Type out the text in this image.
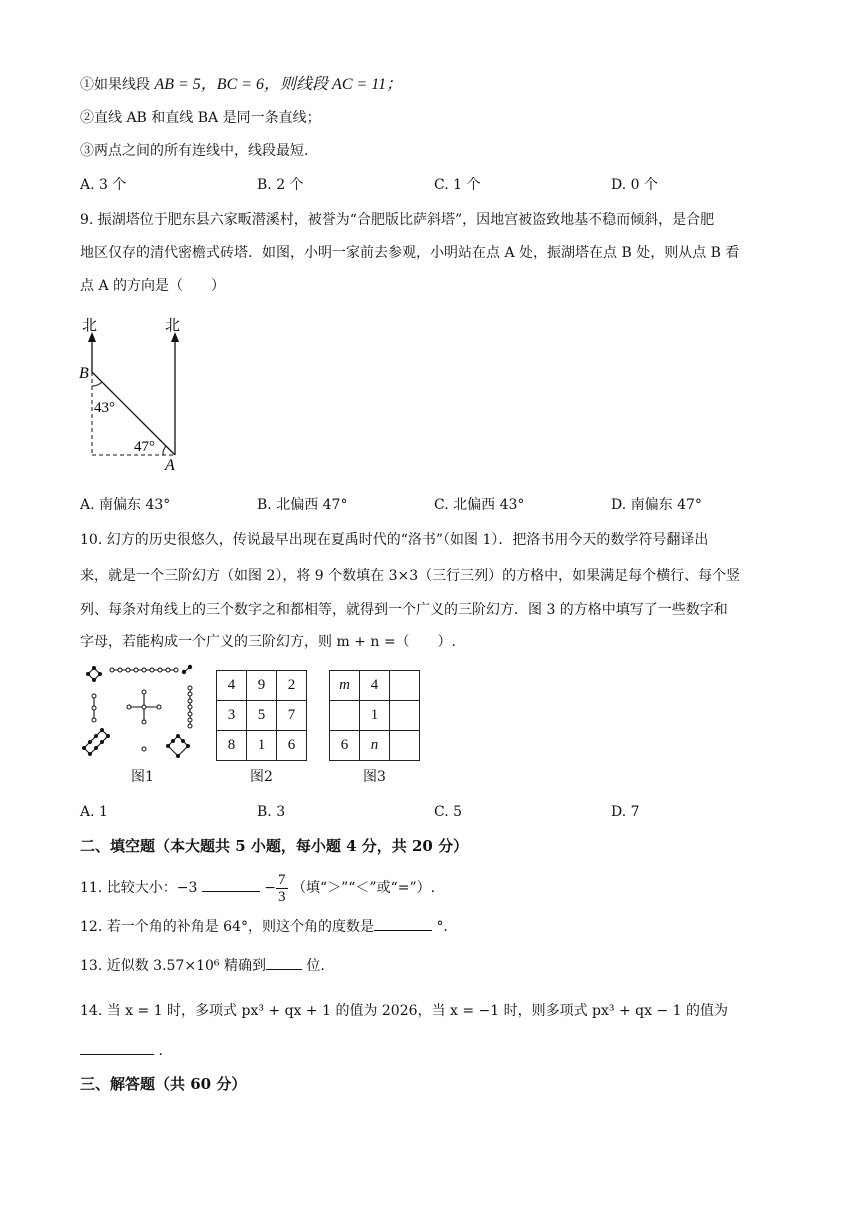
①如果线段 AB = 5，BC = 6，则线段 AC = 11；
②直线 AB 和直线 BA 是同一条直线；
③两点之间的所有连线中，线段最短.
A. 3 个	B. 2 个	C. 1 个	D. 0 个
9. 振湖塔位于肥东县六家畈潜溪村，被誉为“合肥版比萨斜塔”，因地宫被盗致地基不稳而倾斜，是合肥
地区仅存的清代密檐式砖塔．如图，小明一家前去参观，小明站在点 A 处，振湖塔在点 B 处，则从点 B 看
点 A 的方向是（　　）
北	北
B
A
43°
47°
A. 南偏东 43°	B. 北偏西 47°	C. 北偏西 43°	D. 南偏东 47°
10. 幻方的历史很悠久，传说最早出现在夏禹时代的“洛书”（如图 1）．把洛书用今天的数学符号翻译出
来，就是一个三阶幻方（如图 2），将 9 个数填在 3×3（三行三列）的方格中，如果满足每个横行、每个竖
列、每条对角线上的三个数字之和都相等，就得到一个广义的三阶幻方．图 3 的方格中填写了一些数字和
字母，若能构成一个广义的三阶幻方，则 m + n =（　　）.
4	9	2
3	5	7
8	1	6
m	4	
	1	
6	n	
图1	图2	图3
A. 1	B. 3	C. 5	D. 7
二、填空题（本大题共 5 小题，每小题 4 分，共 20 分）
11. 比较大小：−3	− $\frac{7}{3}$ （填“＞”“＜”或“=”）.
12. 若一个角的补角是 64°，则这个角的度数是	°．
13. 近似数 3.57×10⁶ 精确到	位.
14. 当 x = 1 时，多项式 px³ + qx + 1 的值为 2026，当 x = −1 时，则多项式 px³ + qx − 1 的值为
.
三、解答题（共 60 分）
